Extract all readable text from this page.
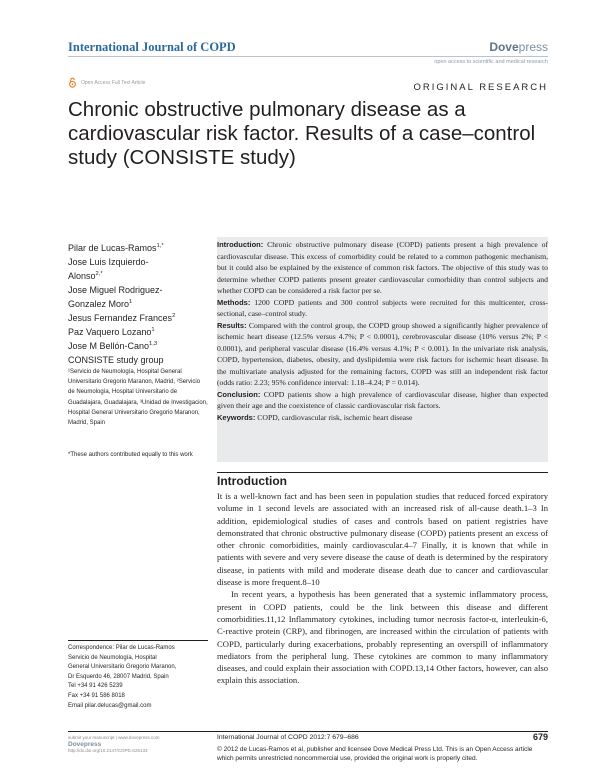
International Journal of COPD	Dovepress
open access to scientific and medical research
Open Access Full Text Article	ORIGINAL RESEARCH
Chronic obstructive pulmonary disease as a cardiovascular risk factor. Results of a case–control study (CONSISTE study)
Pilar de Lucas-Ramos$^{1,*}$
Jose Luis Izquierdo-
Alonso$^{2,*}$
Jose Miguel Rodriguez-
Gonzalez Moro$^1$
Jesus Fernandez Frances$^2$
Paz Vaquero Lozano$^1$
Jose M Bellón-Cano$^{1,3}$
CONSISTE study group
¹Servicio de Neumología, Hospital General Universitario Gregorio Maranon, Madrid, ²Servicio de Neumología, Hospital Universitario de Guadalajara, Guadalajara, ³Unidad de Investigacion, Hospital General Universitario Gregorio Maranon, Madrid, Spain
*These authors contributed equally to this work

Introduction: Chronic obstructive pulmonary disease (COPD) patients present a high prevalence of cardiovascular disease. This excess of comorbidity could be related to a common pathogenic mechanism, but it could also be explained by the existence of common risk factors. The objective of this study was to determine whether COPD patients present greater cardiovascular comorbidity than control subjects and whether COPD can be considered a risk factor per se.

Methods: 1200 COPD patients and 300 control subjects were recruited for this multicenter, cross-sectional, case–control study.

Results: Compared with the control group, the COPD group showed a significantly higher prevalence of ischemic heart disease (12.5% versus 4.7%; P < 0.0001), cerebrovascular disease (10% versus 2%; P < 0.0001), and peripheral vascular disease (16.4% versus 4.1%; P < 0.001). In the univariate risk analysis, COPD, hypertension, diabetes, obesity, and dyslipidemia were risk factors for ischemic heart disease. In the multivariate analysis adjusted for the remaining factors, COPD was still an independent risk factor (odds ratio: 2.23; 95% confidence interval: 1.18–4.24; P = 0.014).

Conclusion: COPD patients show a high prevalence of cardiovascular disease, higher than expected given their age and the coexistence of classic cardiovascular risk factors.

Keywords: COPD, cardiovascular risk, ischemic heart disease

Introduction

It is a well-known fact and has been seen in population studies that reduced forced expiratory volume in 1 second levels are associated with an increased risk of all-cause death.1–3 In addition, epidemiological studies of cases and controls based on patient registries have demonstrated that chronic obstructive pulmonary disease (COPD) patients present an excess of other chronic comorbidities, mainly cardiovascular.4–7 Finally, it is known that while in patients with severe and very severe disease the cause of death is determined by the respiratory disease, in patients with mild and moderate disease death due to cancer and cardiovascular disease is more frequent.8–10

In recent years, a hypothesis has been generated that a systemic inflammatory process, present in COPD patients, could be the link between this disease and different comorbidities.11,12 Inflammatory cytokines, including tumor necrosis factor-α, interleukin-6, C-reactive protein (CRP), and fibrinogen, are increased within the circulation of patients with COPD, particularly during exacerbations, probably representing an overspill of inflammatory mediators from the peripheral lung. These cytokines are common to many inflammatory diseases, and could explain their association with COPD.13,14 Other factors, however, can also explain this association.

Correspondence: Pilar de Lucas-Ramos
Servicio de Neumología, Hospital
General Universitario Gregorio Maranon,
Dr Esquerdo 46, 28007 Madrid, Spain
Tel +34 91 426 5239
Fax +34 91 586 8018
Email pilar.delucas@gmail.com
submit your manuscript | www.dovepress.com
Dovepress
http://dx.doi.org/10.2147/COPD.S26133
International Journal of COPD 2012:7 679–686	679
© 2012 de Lucas-Ramos et al, publisher and licensee Dove Medical Press Ltd. This is an Open Access article which permits unrestricted noncommercial use, provided the original work is properly cited.
